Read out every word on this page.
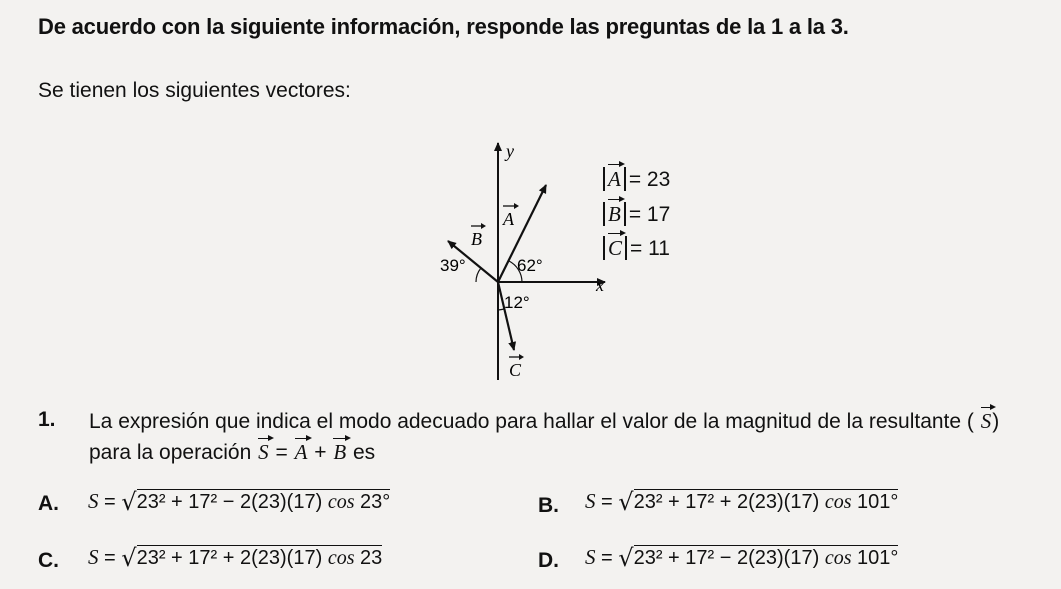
De acuerdo con la siguiente información, responde las preguntas de la 1 a la 3.
Se tienen los siguientes vectores:
y
x
A
B
C
62°
39°
12°
A = 23
B = 17
C = 11
1. La expresión que indica el modo adecuado para hallar el valor de la magnitud de la resultante ( S)
para la operación S = A + B es
A. S = √23² + 17² − 2(23)(17) cos 23°	B. S = √23² + 17² + 2(23)(17) cos 101°
C. S = √23² + 17² + 2(23)(17) cos 23	D. S = √23² + 17² − 2(23)(17) cos 101°
